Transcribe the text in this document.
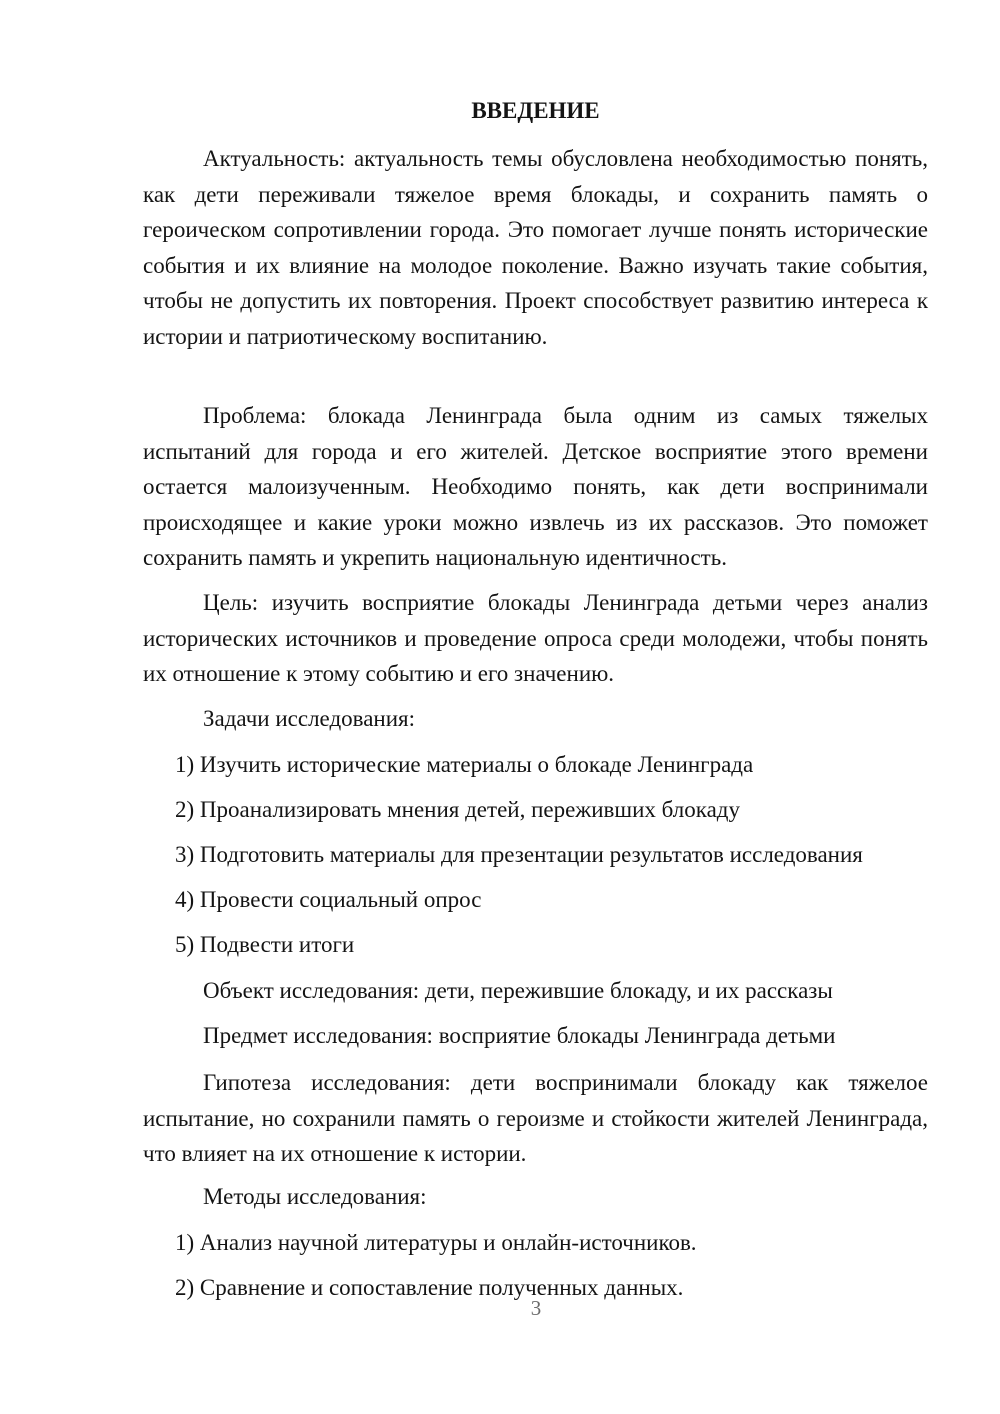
ВВЕДЕНИЕ

Актуальность: актуальность темы обусловлена необходимостью понять, как дети переживали тяжелое время блокады, и сохранить память о героическом сопротивлении города. Это помогает лучше понять исторические события и их влияние на молодое поколение. Важно изучать такие события, чтобы не допустить их повторения. Проект способствует развитию интереса к истории и патриотическому воспитанию.

Проблема: блокада Ленинграда была одним из самых тяжелых испытаний для города и его жителей. Детское восприятие этого времени остается малоизученным. Необходимо понять, как дети воспринимали происходящее и какие уроки можно извлечь из их рассказов. Это поможет сохранить память и укрепить национальную идентичность.

Цель: изучить восприятие блокады Ленинграда детьми через анализ исторических источников и проведение опроса среди молодежи, чтобы понять их отношение к этому событию и его значению.

Задачи исследования:

1) Изучить исторические материалы о блокаде Ленинграда

2) Проанализировать мнения детей, переживших блокаду

3) Подготовить материалы для презентации результатов исследования

4) Провести социальный опрос

5) Подвести итоги

Объект исследования: дети, пережившие блокаду, и их рассказы

Предмет исследования: восприятие блокады Ленинграда детьми

Гипотеза исследования: дети воспринимали блокаду как тяжелое испытание, но сохранили память о героизме и стойкости жителей Ленинграда, что влияет на их отношение к истории.

Методы исследования:

1) Анализ научной литературы и онлайн-источников.

2) Сравнение и сопоставление полученных данных.

3
